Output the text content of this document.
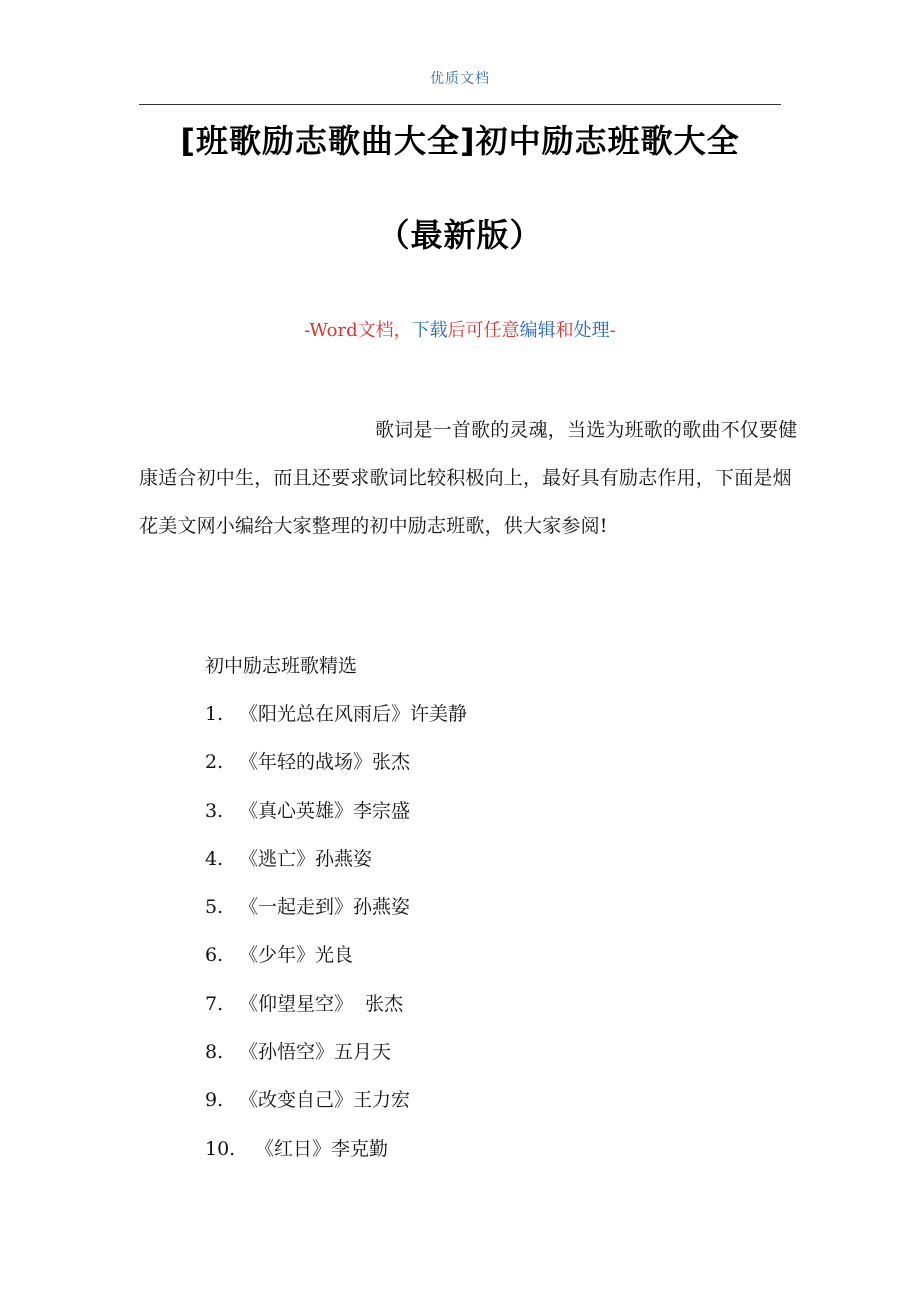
优质文档
[班歌励志歌曲大全]初中励志班歌大全
（最新版）
-Word文档，下载后可任意编辑和处理-

歌词是一首歌的灵魂，当选为班歌的歌曲不仅要健康适合初中生，而且还要求歌词比较积极向上，最好具有励志作用，下面是烟花美文网小编给大家整理的初中励志班歌，供大家参阅!

初中励志班歌精选
1. 《阳光总在风雨后》许美静
2. 《年轻的战场》张杰
3. 《真心英雄》李宗盛
4. 《逃亡》孙燕姿
5. 《一起走到》孙燕姿
6. 《少年》光良
7. 《仰望星空》  张杰
8. 《孙悟空》五月天
9. 《改变自己》王力宏
10. 《红日》李克勤
